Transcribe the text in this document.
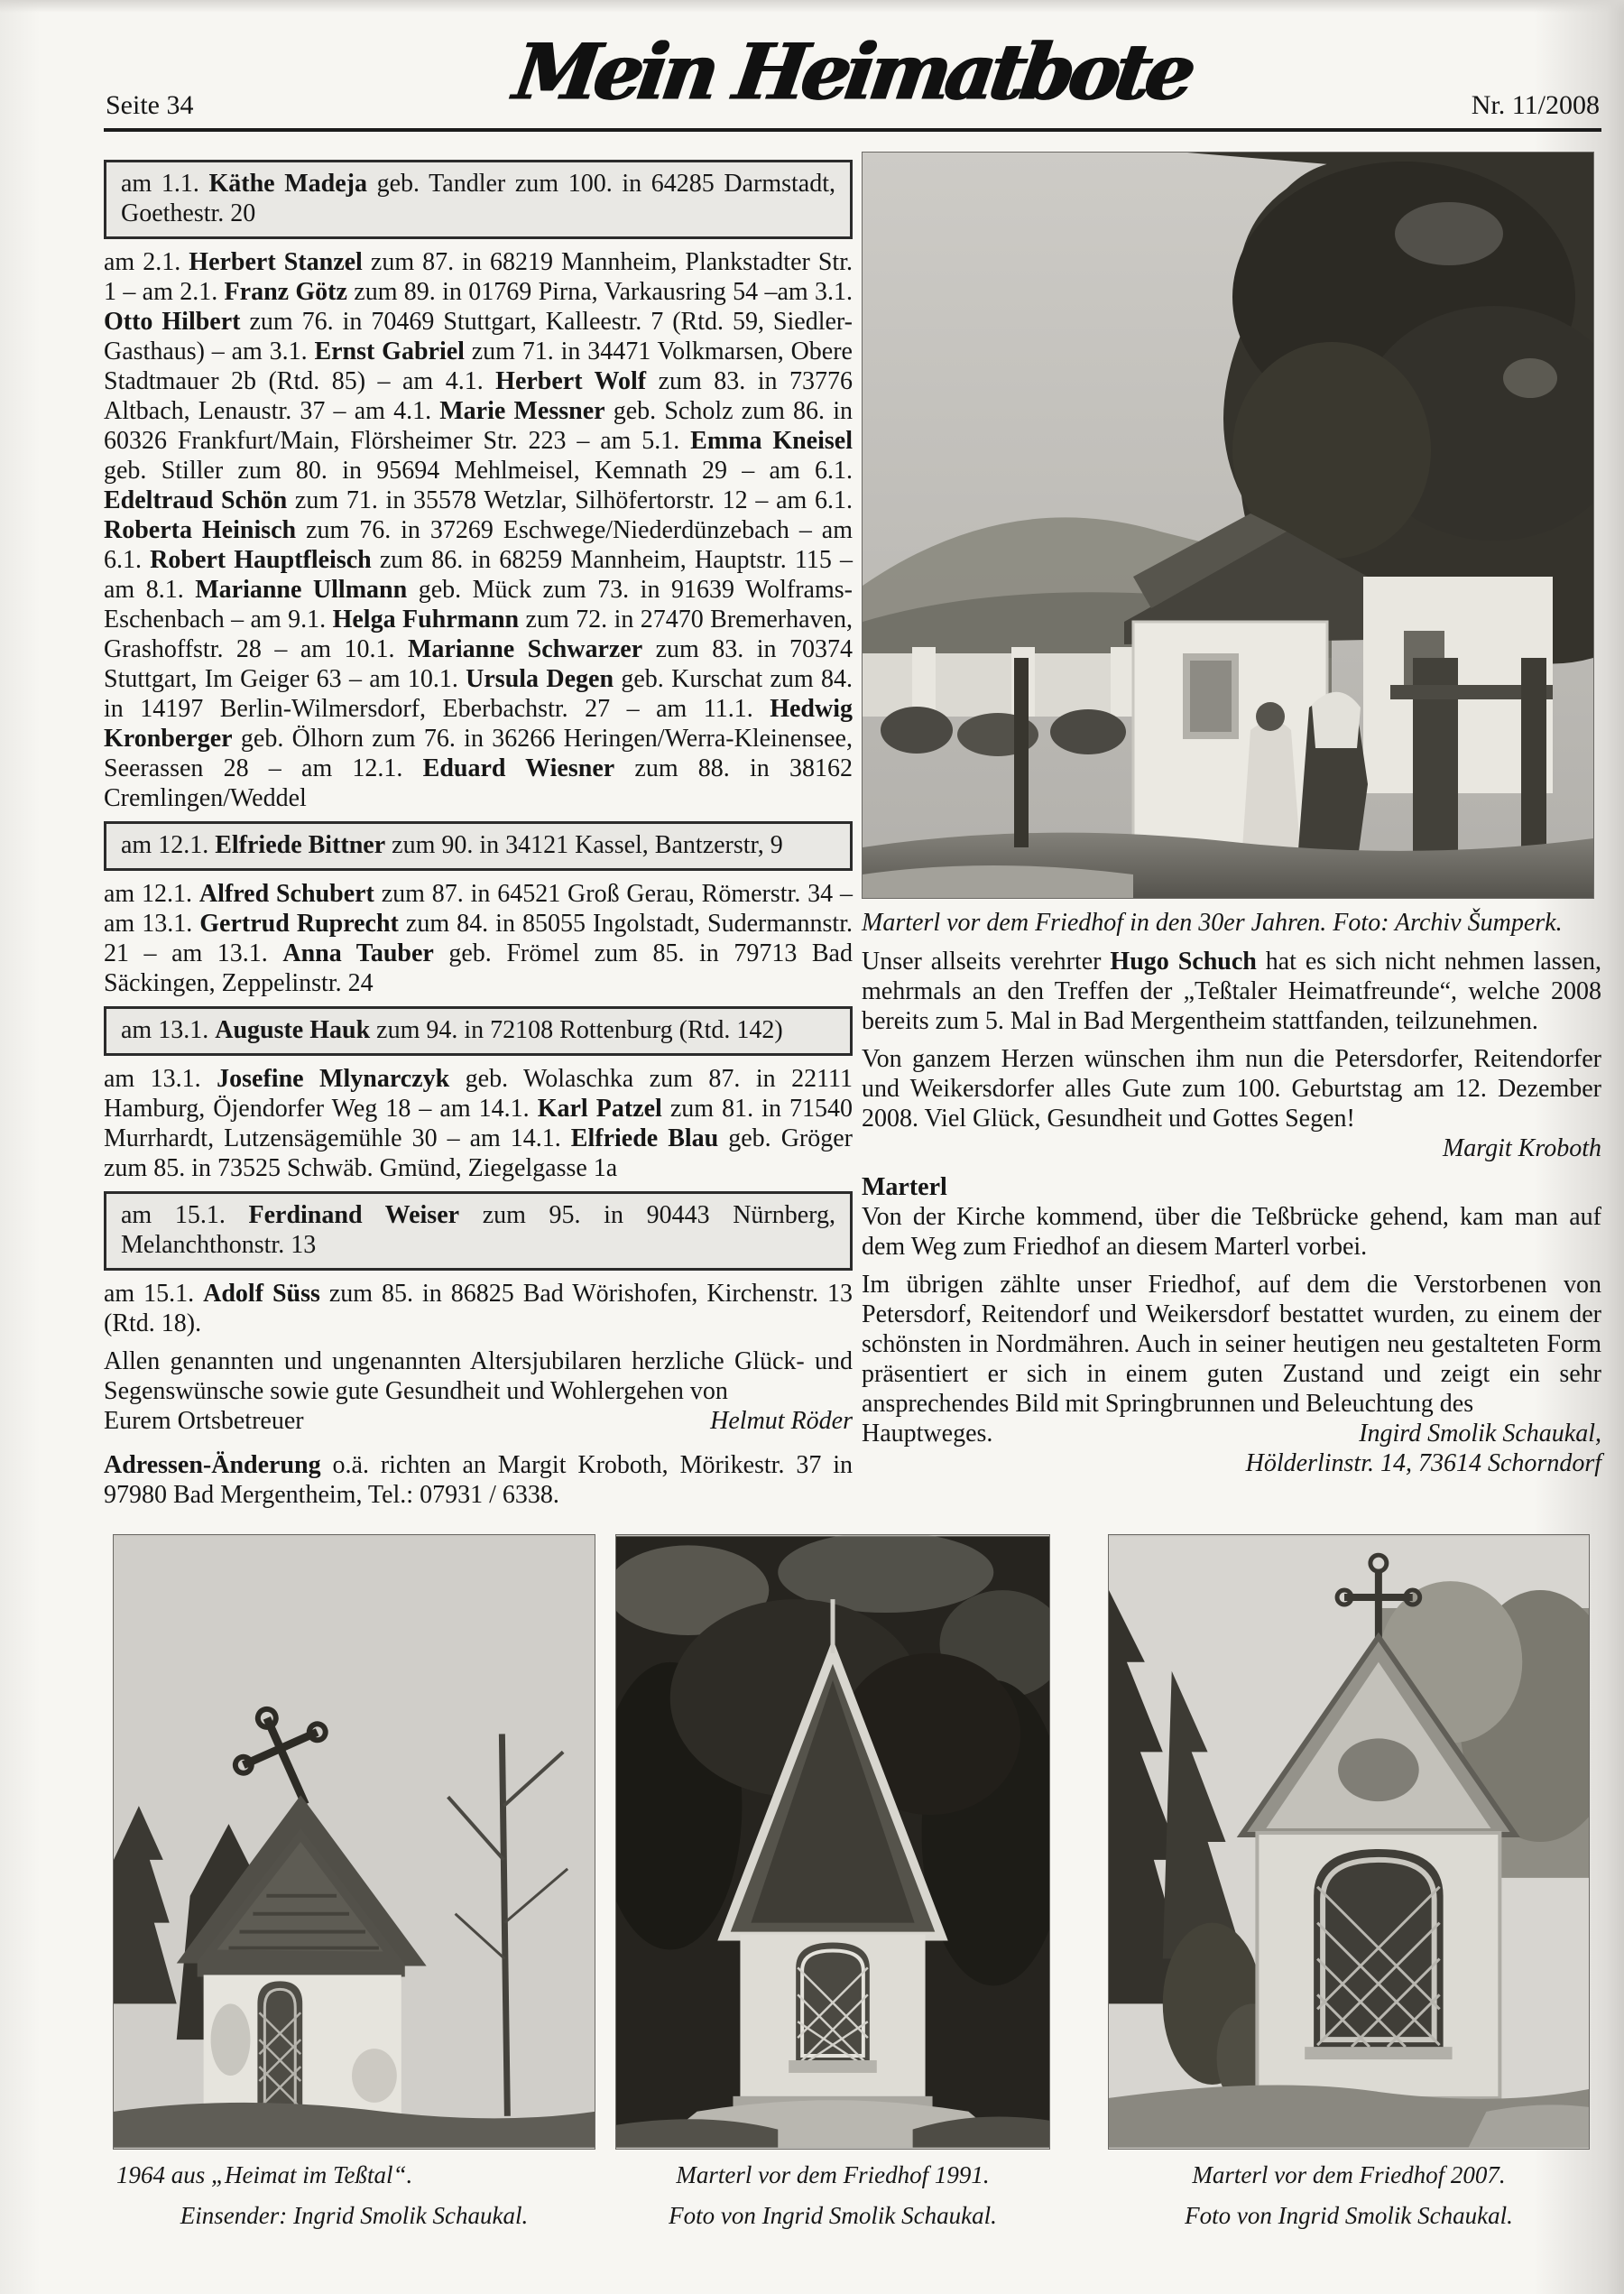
Seite 34	Mein Heimatbote	Nr. 11/2008
am 1.1. Käthe Madeja geb. Tandler zum 100. in 64285 Darmstadt, Goethestr. 20
am 2.1. Herbert Stanzel zum 87. in 68219 Mannheim, Plankstadter Str. 1 – am 2.1. Franz Götz zum 89. in 01769 Pirna, Varkausring 54 –am 3.1. Otto Hilbert zum 76. in 70469 Stuttgart, Kalleestr. 7 (Rtd. 59, Siedler-Gasthaus) – am 3.1. Ernst Gabriel zum 71. in 34471 Volkmarsen, Obere Stadtmauer 2b (Rtd. 85) – am 4.1. Herbert Wolf zum 83. in 73776 Altbach, Lenaustr. 37 – am 4.1. Marie Messner geb. Scholz zum 86. in 60326 Frankfurt/Main, Flörsheimer Str. 223 – am 5.1. Emma Kneisel geb. Stiller zum 80. in 95694 Mehlmeisel, Kemnath 29 – am 6.1. Edeltraud Schön zum 71. in 35578 Wetzlar, Silhöfertorstr. 12 – am 6.1. Roberta Heinisch zum 76. in 37269 Eschwege/Niederdünzebach – am 6.1. Robert Hauptfleisch zum 86. in 68259 Mannheim, Hauptstr. 115 – am 8.1. Marianne Ullmann geb. Mück zum 73. in 91639 Wolframs-Eschenbach – am 9.1. Helga Fuhrmann zum 72. in 27470 Bremerhaven, Grashoffstr. 28 – am 10.1. Marianne Schwarzer zum 83. in 70374 Stuttgart, Im Geiger 63 – am 10.1. Ursula Degen geb. Kurschat zum 84. in 14197 Berlin-Wilmersdorf, Eberbachstr. 27 – am 11.1. Hedwig Kronberger geb. Ölhorn zum 76. in 36266 Heringen/Werra-Kleinensee, Seerassen 28 – am 12.1. Eduard Wiesner zum 88. in 38162 Cremlingen/Weddel
am 12.1. Elfriede Bittner zum 90. in 34121 Kassel, Bantzerstr, 9
am 12.1. Alfred Schubert zum 87. in 64521 Groß Gerau, Römerstr. 34 – am 13.1. Gertrud Ruprecht zum 84. in 85055 Ingolstadt, Sudermannstr. 21 – am 13.1. Anna Tauber geb. Frömel zum 85. in 79713 Bad Säckingen, Zeppelinstr. 24
am 13.1. Auguste Hauk zum 94. in 72108 Rottenburg (Rtd. 142)
am 13.1. Josefine Mlynarczyk geb. Wolaschka zum 87. in 22111 Hamburg, Öjendorfer Weg 18 – am 14.1. Karl Patzel zum 81. in 71540 Murrhardt, Lutzensägemühle 30 – am 14.1. Elfriede Blau geb. Gröger zum 85. in 73525 Schwäb. Gmünd, Ziegelgasse 1a
am 15.1. Ferdinand Weiser zum 95. in 90443 Nürnberg, Melanchthonstr. 13
am 15.1. Adolf Süss zum 85. in 86825 Bad Wörishofen, Kirchenstr. 13 (Rtd. 18).
Allen genannten und ungenannten Altersjubilaren herzliche Glück- und Segenswünsche sowie gute Gesundheit und Wohlergehen von
Eurem Ortsbetreuer	Helmut Röder
Adressen-Änderung o.ä. richten an Margit Kroboth, Mörikestr. 37 in 97980 Bad Mergentheim, Tel.: 07931 / 6338.
Marterl vor dem Friedhof in den 30er Jahren. Foto: Archiv Šumperk.
Unser allseits verehrter Hugo Schuch hat es sich nicht nehmen lassen, mehrmals an den Treffen der „Teßtaler Heimatfreunde“, welche 2008 bereits zum 5. Mal in Bad Mergentheim stattfanden, teilzunehmen.
Von ganzem Herzen wünschen ihm nun die Petersdorfer, Reitendorfer und Weikersdorfer alles Gute zum 100. Geburtstag am 12. Dezember 2008. Viel Glück, Gesundheit und Gottes Segen!
Margit Kroboth
Marterl
Von der Kirche kommend, über die Teßbrücke gehend, kam man auf dem Weg zum Friedhof an diesem Marterl vorbei.
Im übrigen zählte unser Friedhof, auf dem die Verstorbenen von Petersdorf, Reitendorf und Weikersdorf bestattet wurden, zu einem der schönsten in Nordmähren. Auch in seiner heutigen neu gestalteten Form präsentiert er sich in einem guten Zustand und zeigt ein sehr ansprechendes Bild mit Springbrunnen und Beleuchtung des
Hauptweges.	Ingird Smolik Schaukal,
Hölderlinstr. 14, 73614 Schorndorf
1964 aus „Heimat im Teßtal“.
Einsender: Ingrid Smolik Schaukal.
Marterl vor dem Friedhof 1991.
Foto von Ingrid Smolik Schaukal.
Marterl vor dem Friedhof 2007.
Foto von Ingrid Smolik Schaukal.
